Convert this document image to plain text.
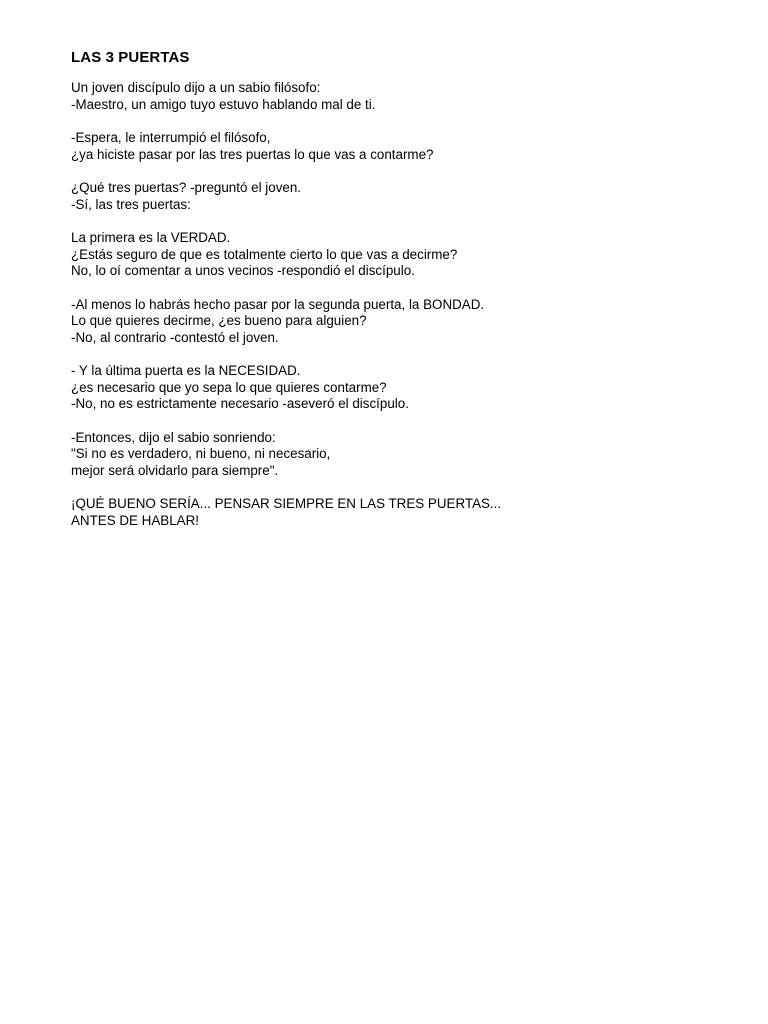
LAS 3 PUERTAS

Un joven discípulo dijo a un sabio filósofo:
-Maestro, un amigo tuyo estuvo hablando mal de ti.

-Espera, le interrumpió el filósofo,
¿ya hiciste pasar por las tres puertas lo que vas a contarme?

¿Qué tres puertas? -preguntó el joven.
-Sí, las tres puertas:

La primera es la VERDAD.
¿Estás seguro de que es totalmente cierto lo que vas a decirme?
No, lo oí comentar a unos vecinos -respondió el discípulo.

-Al menos lo habrás hecho pasar por la segunda puerta, la BONDAD.
Lo que quieres decirme, ¿es bueno para alguien?
-No, al contrario -contestó el joven.

- Y la última puerta es la NECESIDAD.
¿es necesario que yo sepa lo que quieres contarme?
-No, no es estrictamente necesario -aseveró el discípulo.

-Entonces, dijo el sabio sonriendo:
"Si no es verdadero, ni bueno, ni necesario,
mejor será olvidarlo para siempre".

¡QUÉ BUENO SERÍA... PENSAR SIEMPRE EN LAS TRES PUERTAS...
ANTES DE HABLAR!
